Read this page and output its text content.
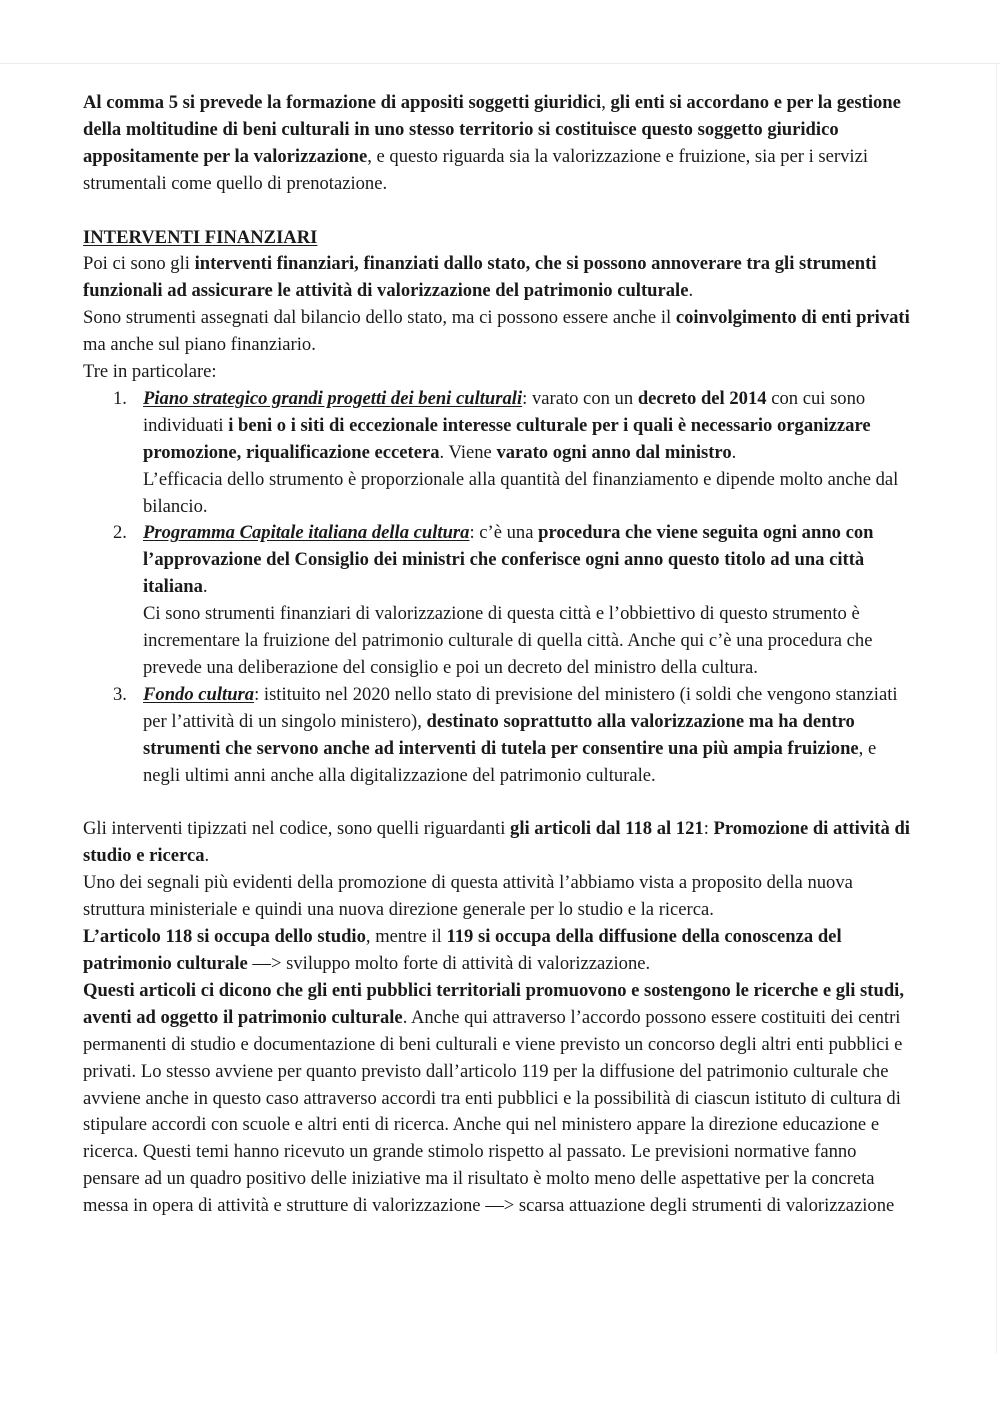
Al comma 5 si prevede la formazione di appositi soggetti giuridici, gli enti si accordano e per la gestione della moltitudine di beni culturali in uno stesso territorio si costituisce questo soggetto giuridico appositamente per la valorizzazione, e questo riguarda sia la valorizzazione e fruizione, sia per i servizi strumentali come quello di prenotazione.

INTERVENTI FINANZIARI

Poi ci sono gli interventi finanziari, finanziati dallo stato, che si possono annoverare tra gli strumenti funzionali ad assicurare le attività di valorizzazione del patrimonio culturale.

Sono strumenti assegnati dal bilancio dello stato, ma ci possono essere anche il coinvolgimento di enti privati ma anche sul piano finanziario.

Tre in particolare:

1. Piano strategico grandi progetti dei beni culturali: varato con un decreto del 2014 con cui sono individuati i beni o i siti di eccezionale interesse culturale per i quali è necessario organizzare promozione, riqualificazione eccetera. Viene varato ogni anno dal ministro.
L’efficacia dello strumento è proporzionale alla quantità del finanziamento e dipende molto anche dal bilancio.
2. Programma Capitale italiana della cultura: c’è una procedura che viene seguita ogni anno con l’approvazione del Consiglio dei ministri che conferisce ogni anno questo titolo ad una città italiana.
Ci sono strumenti finanziari di valorizzazione di questa città e l’obbiettivo di questo strumento è incrementare la fruizione del patrimonio culturale di quella città. Anche qui c’è una procedura che prevede una deliberazione del consiglio e poi un decreto del ministro della cultura.
3. Fondo cultura: istituito nel 2020 nello stato di previsione del ministero (i soldi che vengono stanziati per l’attività di un singolo ministero), destinato soprattutto alla valorizzazione ma ha dentro strumenti che servono anche ad interventi di tutela per consentire una più ampia fruizione, e negli ultimi anni anche alla digitalizzazione del patrimonio culturale.

Gli interventi tipizzati nel codice, sono quelli riguardanti gli articoli dal 118 al 121: Promozione di attività di studio e ricerca.

Uno dei segnali più evidenti della promozione di questa attività l’abbiamo vista a proposito della nuova struttura ministeriale e quindi una nuova direzione generale per lo studio e la ricerca.

L’articolo 118 si occupa dello studio, mentre il 119 si occupa della diffusione della conoscenza del patrimonio culturale —> sviluppo molto forte di attività di valorizzazione.

Questi articoli ci dicono che gli enti pubblici territoriali promuovono e sostengono le ricerche e gli studi, aventi ad oggetto il patrimonio culturale. Anche qui attraverso l’accordo possono essere costituiti dei centri permanenti di studio e documentazione di beni culturali e viene previsto un concorso degli altri enti pubblici e privati. Lo stesso avviene per quanto previsto dall’articolo 119 per la diffusione del patrimonio culturale che avviene anche in questo caso attraverso accordi tra enti pubblici e la possibilità di ciascun istituto di cultura di stipulare accordi con scuole e altri enti di ricerca. Anche qui nel ministero appare la direzione educazione e ricerca. Questi temi hanno ricevuto un grande stimolo rispetto al passato. Le previsioni normative fanno pensare ad un quadro positivo delle iniziative ma il risultato è molto meno delle aspettative per la concreta messa in opera di attività e strutture di valorizzazione —> scarsa attuazione degli strumenti di valorizzazione
